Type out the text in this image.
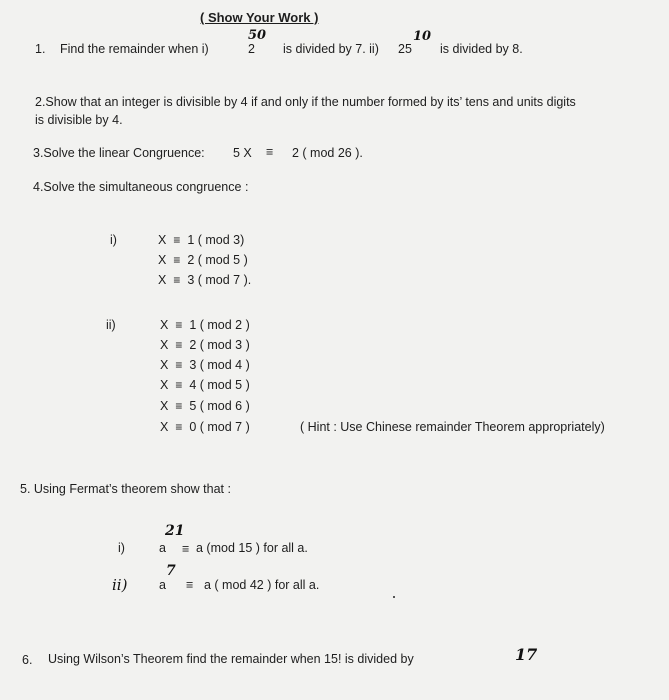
( Show Your Work )
1. Find the remainder when i)	2
50
is divided by 7. ii) 25
10
is divided by 8.
2.Show that an integer is divisible by 4 if and only if the number formed by its’ tens and units digits
is divisible by 4.
3.Solve the linear Congruence: 5 X ≡ 2 ( mod 26 ).
4.Solve the simultaneous congruence :
i)	X ≡ 1 ( mod 3)
X ≡ 2 ( mod 5 )
X ≡ 3 ( mod 7 ).
ii)	X ≡ 1 ( mod 2 )
X ≡ 2 ( mod 3 )
X ≡ 3 ( mod 4 )
X ≡ 4 ( mod 5 )
X ≡ 5 ( mod 6 )
X ≡ 0 ( mod 7 )	( Hint : Use Chinese remainder Theorem appropriately)
5. Using Fermat’s theorem show that :
i)	a
21
≡ a (mod 15 ) for all a.
ii)	a
7
≡ a ( mod 42 ) for all a.
6. Using Wilson’s Theorem find the remainder when 15! is divided by	17
